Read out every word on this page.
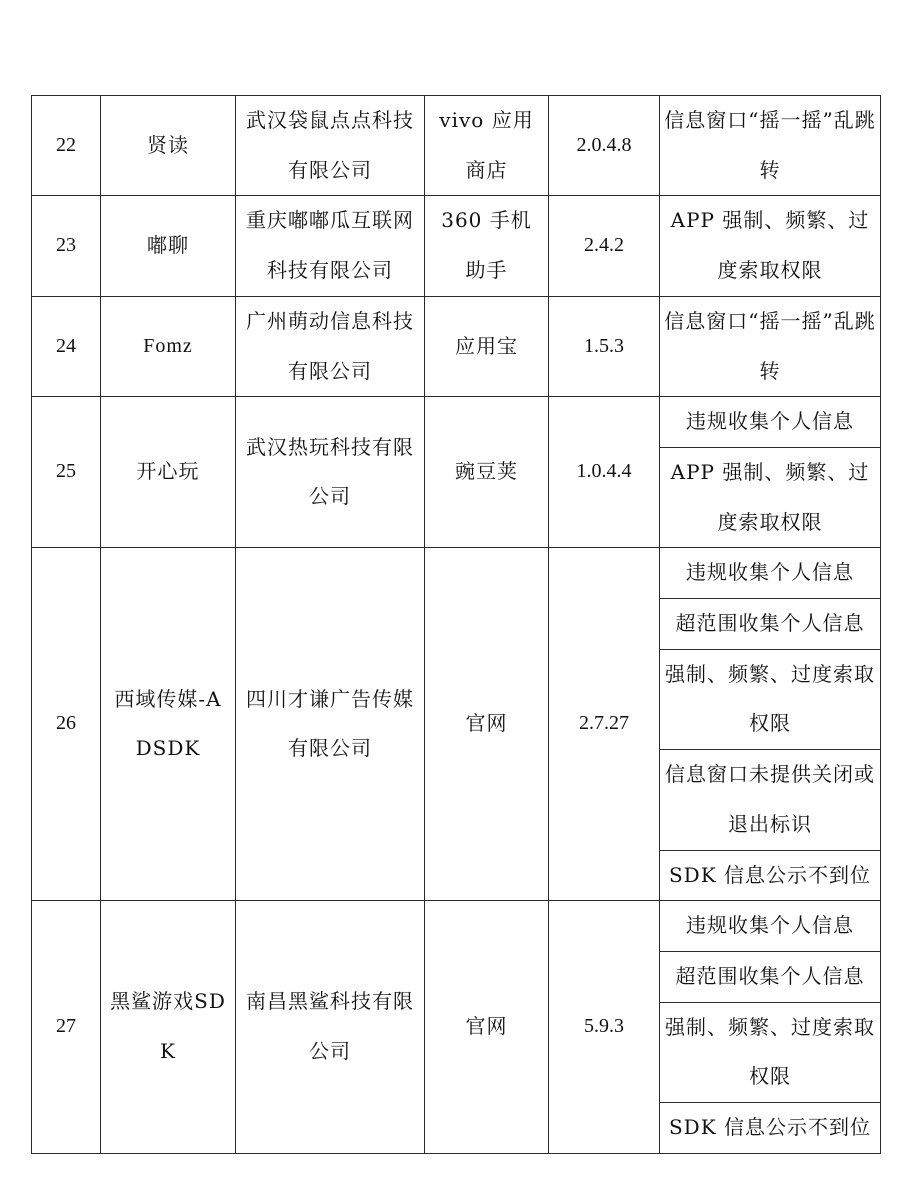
22	贤读	武汉袋鼠点点科技有限公司	vivo 应用商店	2.0.4.8	信息窗口“摇一摇”乱跳转
23	嘟聊	重庆嘟嘟瓜互联网科技有限公司	360 手机助手	2.4.2	APP 强制、频繁、过度索取权限
24	Fomz	广州萌动信息科技有限公司	应用宝	1.5.3	信息窗口“摇一摇”乱跳转
25	开心玩	武汉热玩科技有限公司	豌豆荚	1.0.4.4	违规收集个人信息
					APP 强制、频繁、过度索取权限
26	西域传媒-ADSDK	四川才谦广告传媒有限公司	官网	2.7.27	违规收集个人信息
					超范围收集个人信息
					强制、频繁、过度索取权限
					信息窗口未提供关闭或退出标识
					SDK 信息公示不到位
27	黑鲨游戏SDK	南昌黑鲨科技有限公司	官网	5.9.3	违规收集个人信息
					超范围收集个人信息
					强制、频繁、过度索取权限
					SDK 信息公示不到位
